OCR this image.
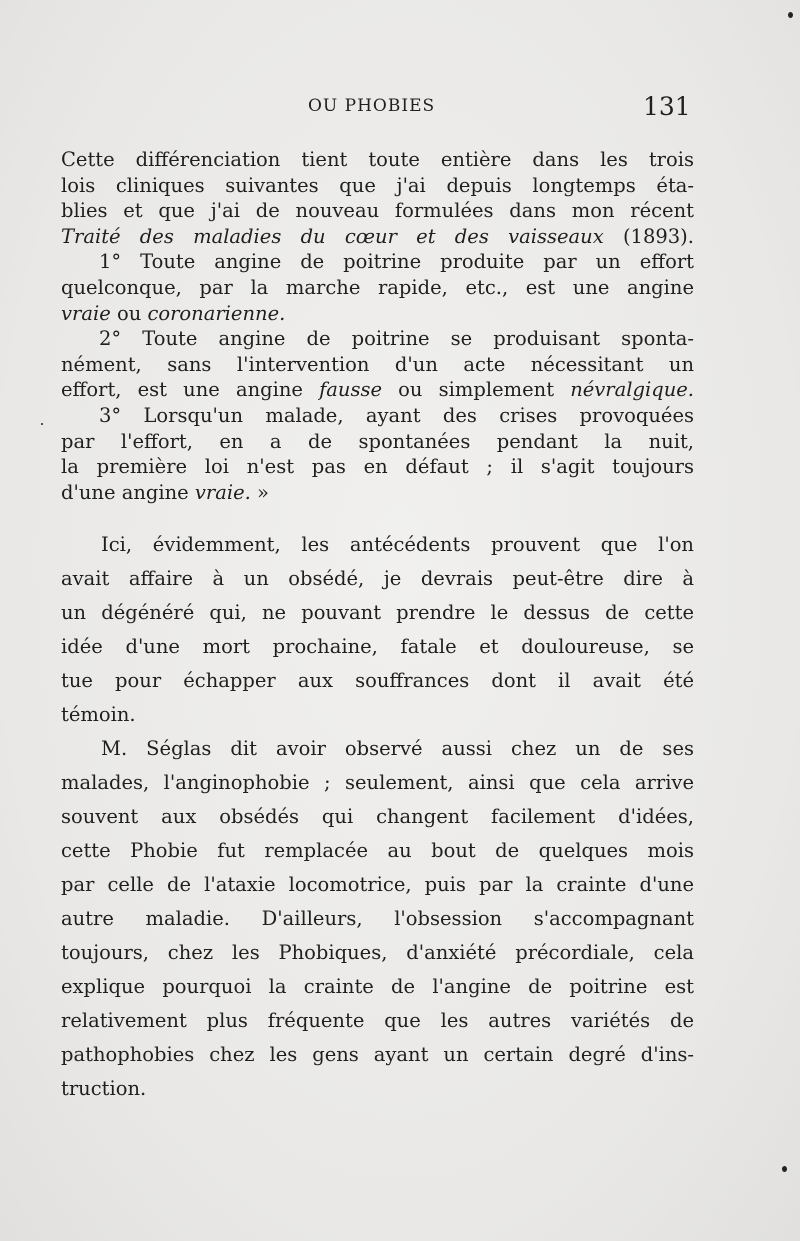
OU PHOBIES	131
Cette différenciation tient toute entière dans les trois
lois cliniques suivantes que j'ai depuis longtemps éta-
blies et que j'ai de nouveau formulées dans mon récent
Traité des maladies du cœur et des vaisseaux (1893).
1° Toute angine de poitrine produite par un effort
quelconque, par la marche rapide, etc., est une angine
vraie ou coronarienne.
2° Toute angine de poitrine se produisant sponta-
nément, sans l'intervention d'un acte nécessitant un
effort, est une angine fausse ou simplement névralgique.
3° Lorsqu'un malade, ayant des crises provoquées
par l'effort, en a de spontanées pendant la nuit,
la première loi n'est pas en défaut ; il s'agit toujours
d'une angine vraie. »
Ici, évidemment, les antécédents prouvent que l'on
avait affaire à un obsédé, je devrais peut-être dire à
un dégénéré qui, ne pouvant prendre le dessus de cette
idée d'une mort prochaine, fatale et douloureuse, se
tue pour échapper aux souffrances dont il avait été
témoin.
M. Séglas dit avoir observé aussi chez un de ses
malades, l'anginophobie ; seulement, ainsi que cela arrive
souvent aux obsédés qui changent facilement d'idées,
cette Phobie fut remplacée au bout de quelques mois
par celle de l'ataxie locomotrice, puis par la crainte d'une
autre maladie. D'ailleurs, l'obsession s'accompagnant
toujours, chez les Phobiques, d'anxiété précordiale, cela
explique pourquoi la crainte de l'angine de poitrine est
relativement plus fréquente que les autres variétés de
pathophobies chez les gens ayant un certain degré d'ins-
truction.
